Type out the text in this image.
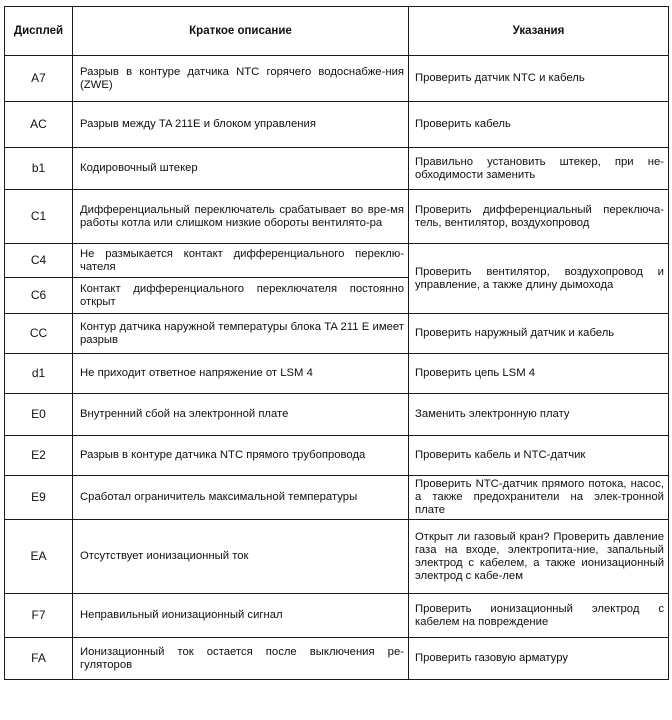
Дисплей	Краткое описание	Указания
A7	Разрыв в контуре датчика NTC горячего водоснабже-ния (ZWE)	Проверить датчик NTC и кабель
AC	Разрыв между TA 211E и блоком управления	Проверить кабель
b1	Кодировочный штекер	Правильно установить штекер, при не-обходимости заменить
C1	Дифференциальный переключатель срабатывает во вре-мя работы котла или слишком низкие обороты вентилято-ра	Проверить дифференциальный переключа-тель, вентилятор, воздухопровод
C4	Не размыкается контакт дифференциального переклю-чателя	Проверить вентилятор, воздухопровод и управление, а также длину дымохода
C6	Контакт дифференциального переключателя постоянно открыт	
CC	Контур датчика наружной температуры блока TA 211 E имеет разрыв	Проверить наружный датчик и кабель
d1	Не приходит ответное напряжение от LSM 4	Проверить цепь LSM 4
E0	Внутренний сбой на электронной плате	Заменить электронную плату
E2	Разрыв в контуре датчика NTC прямого трубопровода	Проверить кабель и NTC-датчик
E9	Сработал ограничитель максимальной температуры	Проверить NTC-датчик прямого потока, насос, а также предохранители на элек-тронной плате
EA	Отсутствует ионизационный ток	Открыт ли газовый кран? Проверить давление газа на входе, электропита-ние, запальный электрод с кабелем, а также ионизационный электрод с кабе-лем
F7	Неправильный ионизационный сигнал	Проверить ионизационный электрод с кабелем на повреждение
FA	Ионизационный ток остается после выключения ре-гуляторов	Проверить газовую арматуру
